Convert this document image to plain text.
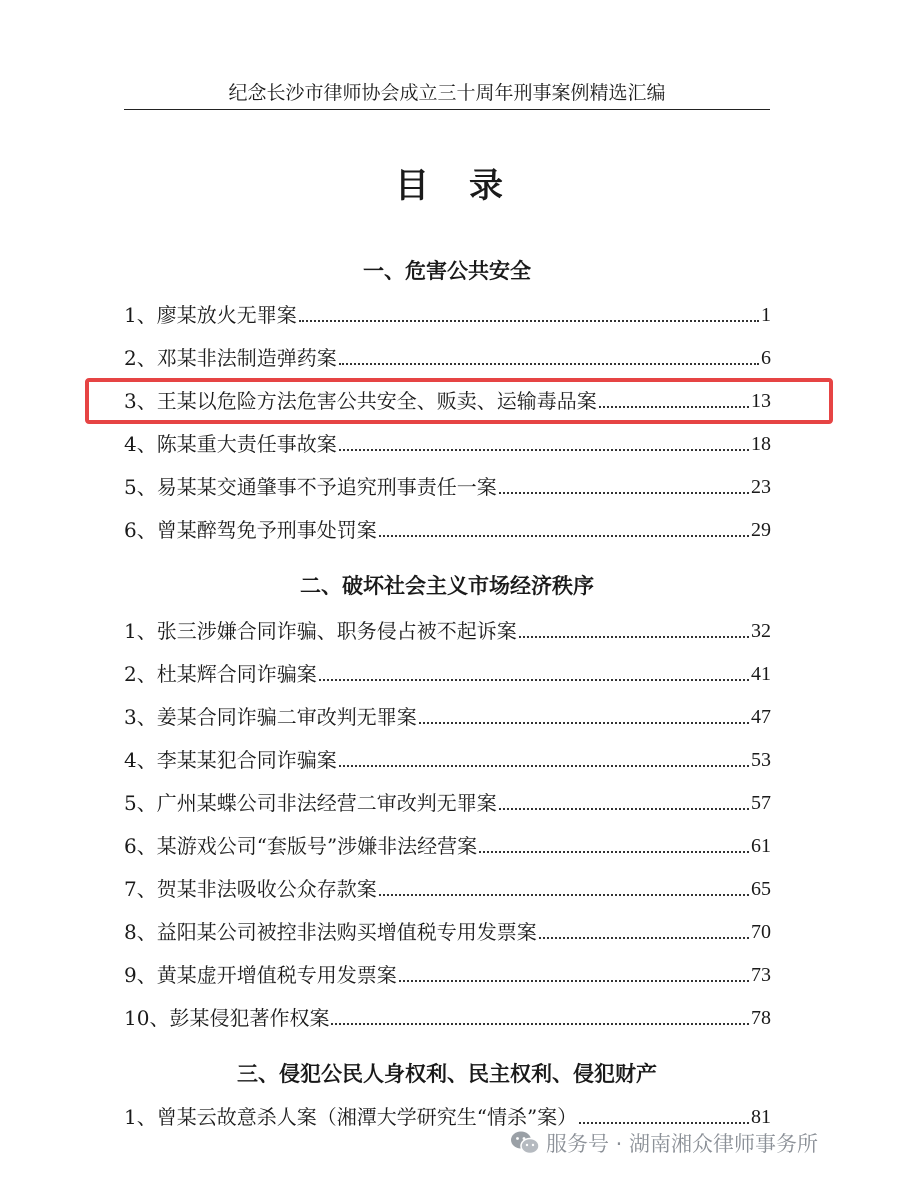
纪念长沙市律师协会成立三十周年刑事案例精选汇编
目录
一、危害公共安全
1、廖某放火无罪案	1
2、邓某非法制造弹药案	6
3、王某以危险方法危害公共安全、贩卖、运输毒品案	13
4、陈某重大责任事故案	18
5、易某某交通肇事不予追究刑事责任一案	23
6、曾某醉驾免予刑事处罚案	29
二、破坏社会主义市场经济秩序
1、张三涉嫌合同诈骗、职务侵占被不起诉案	32
2、杜某辉合同诈骗案	41
3、姜某合同诈骗二审改判无罪案	47
4、李某某犯合同诈骗案	53
5、广州某蝶公司非法经营二审改判无罪案	57
6、某游戏公司“套版号”涉嫌非法经营案	61
7、贺某非法吸收公众存款案	65
8、益阳某公司被控非法购买增值税专用发票案	70
9、黄某虚开增值税专用发票案	73
10、彭某侵犯著作权案	78
三、侵犯公民人身权利、民主权利、侵犯财产
1、曾某云故意杀人案（湘潭大学研究生“情杀”案）	81
服务号 · 湖南湘众律师事务所
